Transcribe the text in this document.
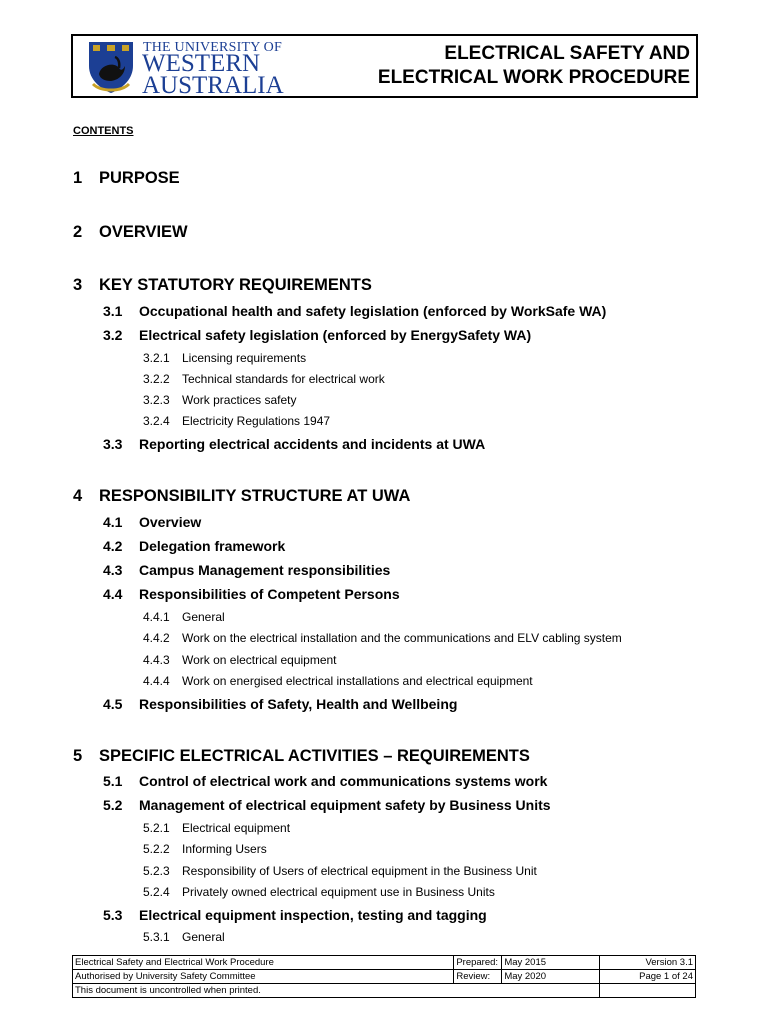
THE UNIVERSITY OF
WESTERN
AUSTRALIA
ELECTRICAL SAFETY AND
ELECTRICAL WORK PROCEDURE
CONTENTS
1 PURPOSE
2 OVERVIEW
3 KEY STATUTORY REQUIREMENTS
3.1 Occupational health and safety legislation (enforced by WorkSafe WA)
3.2 Electrical safety legislation (enforced by EnergySafety WA)
3.2.1 Licensing requirements
3.2.2 Technical standards for electrical work
3.2.3 Work practices safety
3.2.4 Electricity Regulations 1947
3.3 Reporting electrical accidents and incidents at UWA
4 RESPONSIBILITY STRUCTURE AT UWA
4.1 Overview
4.2 Delegation framework
4.3 Campus Management responsibilities
4.4 Responsibilities of Competent Persons
4.4.1 General
4.4.2 Work on the electrical installation and the communications and ELV cabling system
4.4.3 Work on electrical equipment
4.4.4 Work on energised electrical installations and electrical equipment
4.5 Responsibilities of Safety, Health and Wellbeing
5 SPECIFIC ELECTRICAL ACTIVITIES – REQUIREMENTS
5.1 Control of electrical work and communications systems work
5.2 Management of electrical equipment safety by Business Units
5.2.1 Electrical equipment
5.2.2 Informing Users
5.2.3 Responsibility of Users of electrical equipment in the Business Unit
5.2.4 Privately owned electrical equipment use in Business Units
5.3 Electrical equipment inspection, testing and tagging
5.3.1 General
Electrical Safety and Electrical Work Procedure	Prepared:	May 2015	Version 3.1
Authorised by University Safety Committee	Review:	May 2020	Page 1 of 24
This document is uncontrolled when printed.			
